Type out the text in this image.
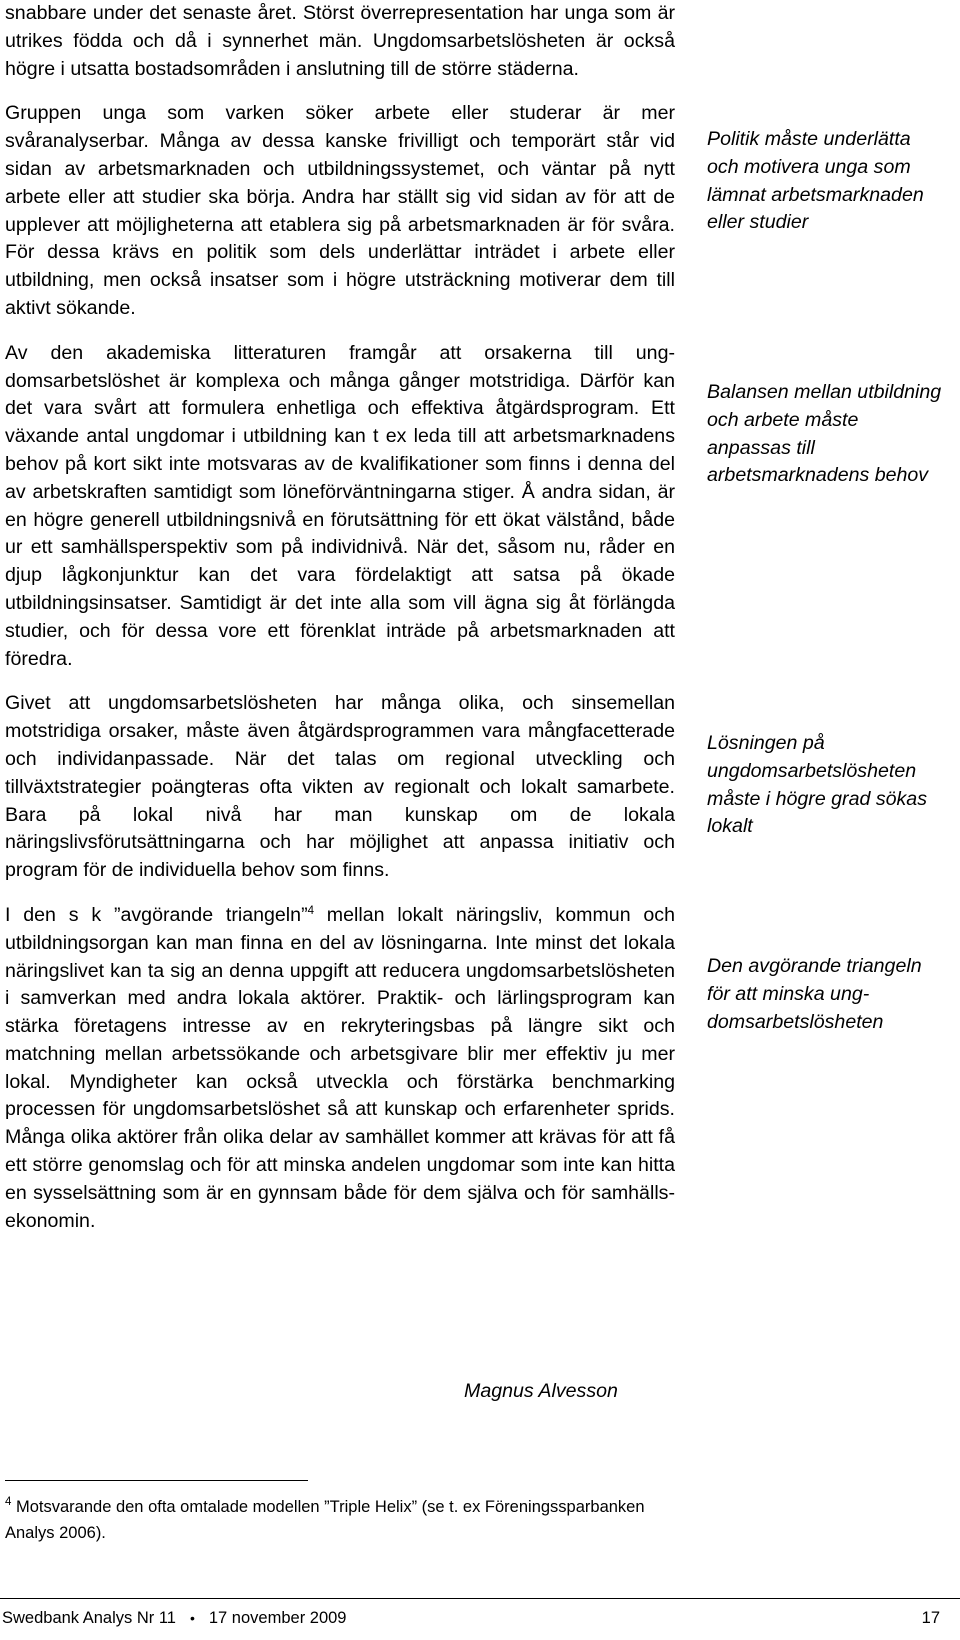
snabbare under det senaste året. Störst överrepresentation har unga som är utrikes födda och då i synnerhet män. Ungdomsarbetslösheten är också högre i utsatta bostadsområden i anslutning till de större städerna.

Gruppen unga som varken söker arbete eller studerar är mer svåranalyserbar. Många av dessa kanske frivilligt och temporärt står vid sidan av arbetsmarknaden och utbildningssystemet, och väntar på nytt arbete eller att studier ska börja. Andra har ställt sig vid sidan av för att de upplever att möjligheterna att etablera sig på arbetsmarknaden är för svåra. För dessa krävs en politik som dels underlättar inträdet i arbete eller utbildning, men också insatser som i högre utsträckning motiverar dem till aktivt sökande.

Av den akademiska litteraturen framgår att orsakerna till ungdomsarbetslöshet är komplexa och många gånger motstridiga. Därför kan det vara svårt att formulera enhetliga och effektiva åtgärdsprogram. Ett växande antal ungdomar i utbildning kan t ex leda till att arbetsmarknadens behov på kort sikt inte motsvaras av de kvalifikationer som finns i denna del av arbetskraften samtidigt som löneförväntningarna stiger. Å andra sidan, är en högre generell utbildningsnivå en förutsättning för ett ökat välstånd, både ur ett samhällsperspektiv som på individnivå. När det, såsom nu, råder en djup lågkonjunktur kan det vara fördelaktigt att satsa på ökade utbildningsinsatser. Samtidigt är det inte alla som vill ägna sig åt förlängda studier, och för dessa vore ett förenklat inträde på arbetsmarknaden att föredra.

Givet att ungdomsarbetslösheten har många olika, och sinsemellan motstridiga orsaker, måste även åtgärdsprogrammen vara mångfacetterade och individanpassade. När det talas om regional utveckling och tillväxtstrategier poängteras ofta vikten av regionalt och lokalt samarbete. Bara på lokal nivå har man kunskap om de lokala näringslivsförutsättningarna och har möjlighet att anpassa initiativ och program för de individuella behov som finns.

I den s k ”avgörande triangeln”$^4$ mellan lokalt näringsliv, kommun och utbildningsorgan kan man finna en del av lösningarna. Inte minst det lokala näringslivet kan ta sig an denna uppgift att reducera ungdomsarbetslösheten i samverkan med andra lokala aktörer. Praktik- och lärlingsprogram kan stärka företagens intresse av en rekryteringsbas på längre sikt och matchning mellan arbetssökande och arbetsgivare blir mer effektiv ju mer lokal. Myndigheter kan också utveckla och förstärka benchmarking processen för ungdomsarbetslöshet så att kunskap och erfarenheter sprids. Många olika aktörer från olika delar av samhället kommer att krävas för att få ett större genomslag och för att minska andelen ungdomar som inte kan hitta en sysselsättning som är en gynnsam både för dem själva och för samhällsekonomin.

Politik måste underlätta och motivera unga som lämnat arbetsmarknaden eller studier
Balansen mellan utbildning och arbete måste anpassas till arbetsmarknadens behov
Lösningen på ungdomsarbetslösheten måste i högre grad sökas lokalt
Den avgörande triangeln för att minska ungdomsarbetslösheten
Magnus Alvesson
$^4$ Motsvarande den ofta omtalade modellen ”Triple Helix” (se t. ex Föreningssparbanken Analys 2006).
Swedbank Analys Nr 11 • 17 november 2009	17
